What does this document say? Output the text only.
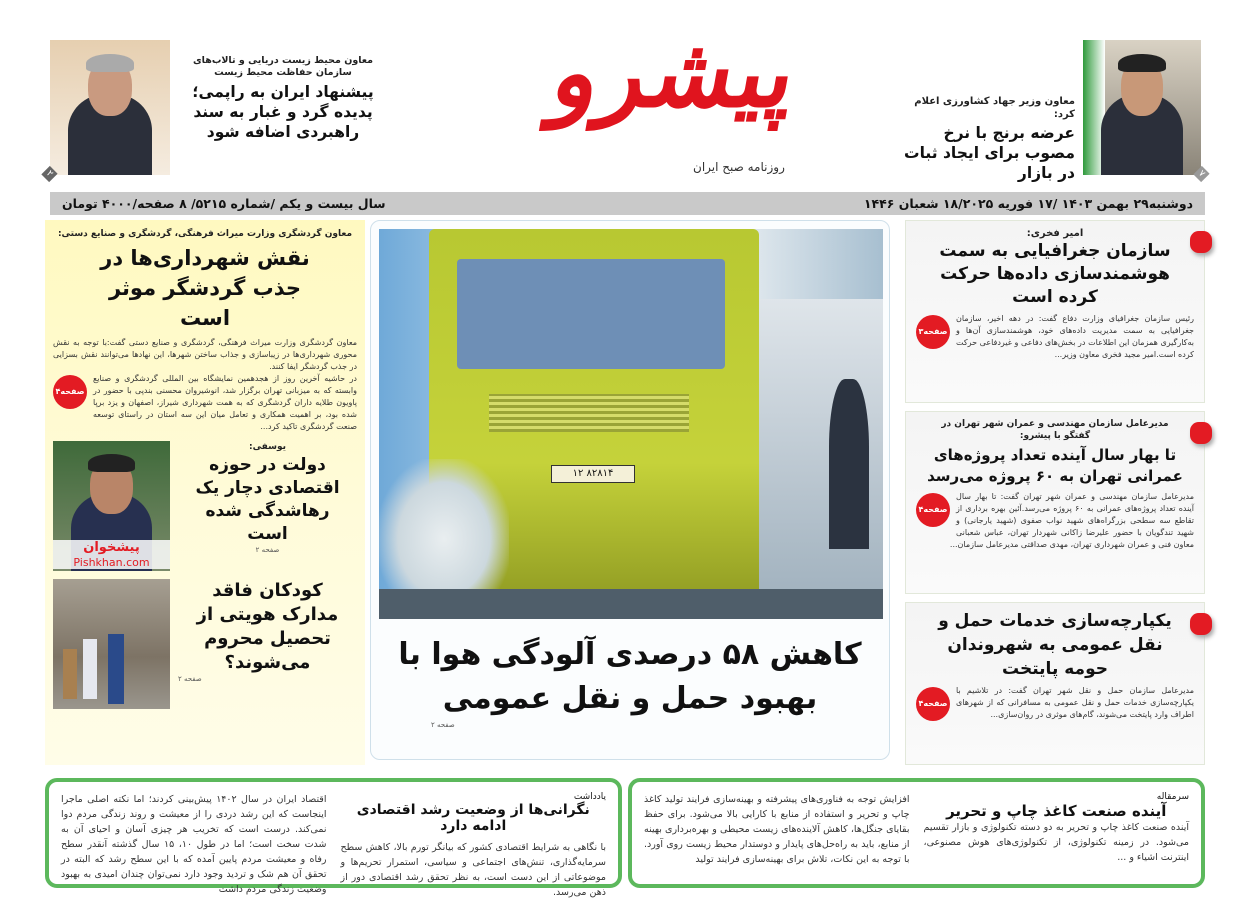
پیشرو
روزنامه صبح ایران	۷
معاون وزیر جهاد کشاورزی اعلام کرد:
عرضه برنج با نرخ مصوب برای ایجاد ثبات در بازار
۲
معاون محیط زیست دریایی و تالاب‌های سازمان حفاظت محیط زیست
پیشنهاد ایران به راپمی؛ پدیده گرد و غبار به سند راهبردی اضافه شود
دوشنبه۲۹ بهمن ۱۴۰۳ /۱۷ فوریه ۱۸/۲۰۲۵ شعبان ۱۴۴۶
سال بیست و یکم /شماره ۵۲۱۵/ ۸ صفحه/۴۰۰۰ تومان
امیر فخری:
سازمان جغرافیایی به سمت هوشمندسازی داده‌ها حرکت کرده است
صفحه۳
رئیس سازمان جغرافیای وزارت دفاع گفت: در دهه اخیر، سازمان جغرافیایی به سمت مدیریت داده‌های خود، هوشمندسازی آن‌ها و به‌کارگیری همزمان این اطلاعات در بخش‌های دفاعی و غیردفاعی حرکت کرده است.امیر مجید فخری معاون وزیر...
مدیرعامل سازمان مهندسی و عمران شهر تهران در گفتگو با پیشرو:
تا بهار سال آینده تعداد پروژه‌های عمرانی تهران به ۶۰ پروژه می‌رسد
صفحه۴
مدیرعامل سازمان مهندسی و عمران شهر تهران گفت: تا بهار سال آینده تعداد پروژه‌های عمرانی به ۶۰ پروژه می‌رسد.آئین بهره برداری از تقاطع سه سطحی بزرگراه‌های شهید نواب صفوی (شهید یارجانی) و شهید تندگویان با حضور علیرضا زاکانی شهردار تهران، عباس شعبانی معاون فنی و عمران شهرداری تهران، مهدی صداقتی مدیرعامل سازمان...
یکپارچه‌سازی خدمات حمل و نقل عمومی به شهروندان حومه پایتخت
صفحه۴
مدیرعامل سازمان حمل و نقل شهر تهران گفت: در تلاشیم با یکپارچه‌سازی خدمات حمل و نقل عمومی به مسافرانی که از شهرهای اطراف وارد پایتخت می‌شوند، گام‌های موثری در روان‌سازی...
۱۲ ۸۲۸۱۴
کاهش ۵۸ درصدی آلودگی هوا با بهبود حمل و نقل عمومی
صفحه ۲
معاون گردشگری وزارت میراث فرهنگی، گردشگری و صنایع دستی:
نقش شهرداری‌ها در جذب گردشگر موثر است
معاون گردشگری وزارت میراث فرهنگی، گردشگری و صنایع دستی گفت:با توجه به نقش محوری شهرداری‌ها در زیباسازی و جذاب ساختن شهرها، این نهادها می‌توانند نقش بسزایی در جذب گردشگر ایفا کنند.
صفحه۴
در حاشیه آخرین روز از هجدهمین نمایشگاه بین المللی گردشگری و صنایع وابسته که به میزبانی تهران برگزار شد، انوشیروان محسنی بندپی با حضور در پاویون طلایه داران گردشگری که به همت شهرداری شیراز، اصفهان و یزد برپا شده بود، بر اهمیت همکاری و تعامل میان این سه استان در راستای توسعه صنعت گردشگری تاکید کرد...
پیشخوان
Pishkhan.com
یوسفی:
دولت در حوزه اقتصادی دچار یک رهاشدگی شده است
صفحه ۲
کودکان فاقد مدارک هویتی از تحصیل محروم می‌شوند؟
صفحه ۲
سرمقاله
آینده صنعت کاغذ چاپ و تحریر
آینده صنعت کاغذ چاپ و تحریر به دو دسته تکنولوژی و بازار تقسیم می‌شود. در زمینه تکنولوژی، از تکنولوژی‌های هوش مصنوعی، اینترنت اشیاء و ...
افزایش توجه به فناوری‌های پیشرفته و بهینه‌سازی فرایند تولید کاغذ چاپ و تحریر و استفاده از منابع با کارایی بالا می‌شود. برای حفظ بقایای جنگل‌ها، کاهش آلاینده‌های زیست محیطی و بهره‌برداری بهینه از منابع، باید به راه‌حل‌های پایدار و دوستدار محیط زیست روی آورد. با توجه به این نکات، تلاش برای بهینه‌سازی فرایند تولید
یادداشت
نگرانی‌ها از وضعیت رشد اقتصادی ادامه دارد
با نگاهی به شرایط اقتصادی کشور که بیانگر تورم بالا، کاهش سطح سرمایه‌گذاری، تنش‌های اجتماعی و سیاسی، استمرار تحریم‌ها و موضوعاتی از این دست است، به نظر تحقق رشد اقتصادی دور از ذهن می‌رسد.
اقتصاد ایران در سال ۱۴۰۲ پیش‌بینی کردند؛ اما نکته اصلی ماجرا اینجاست که این رشد دردی را از معیشت و روند زندگی مردم دوا نمی‌کند. درست است که تخریب هر چیزی آسان و احیای آن به شدت سخت است؛ اما در طول ۱۰، ۱۵ سال گذشته آنقدر سطح رفاه و معیشت مردم پایین آمده که با این سطح رشد که البته در تحقق آن هم شک و تردید وجود دارد نمی‌توان چندان امیدی به بهبود وضعیت زندگی مردم داشت
